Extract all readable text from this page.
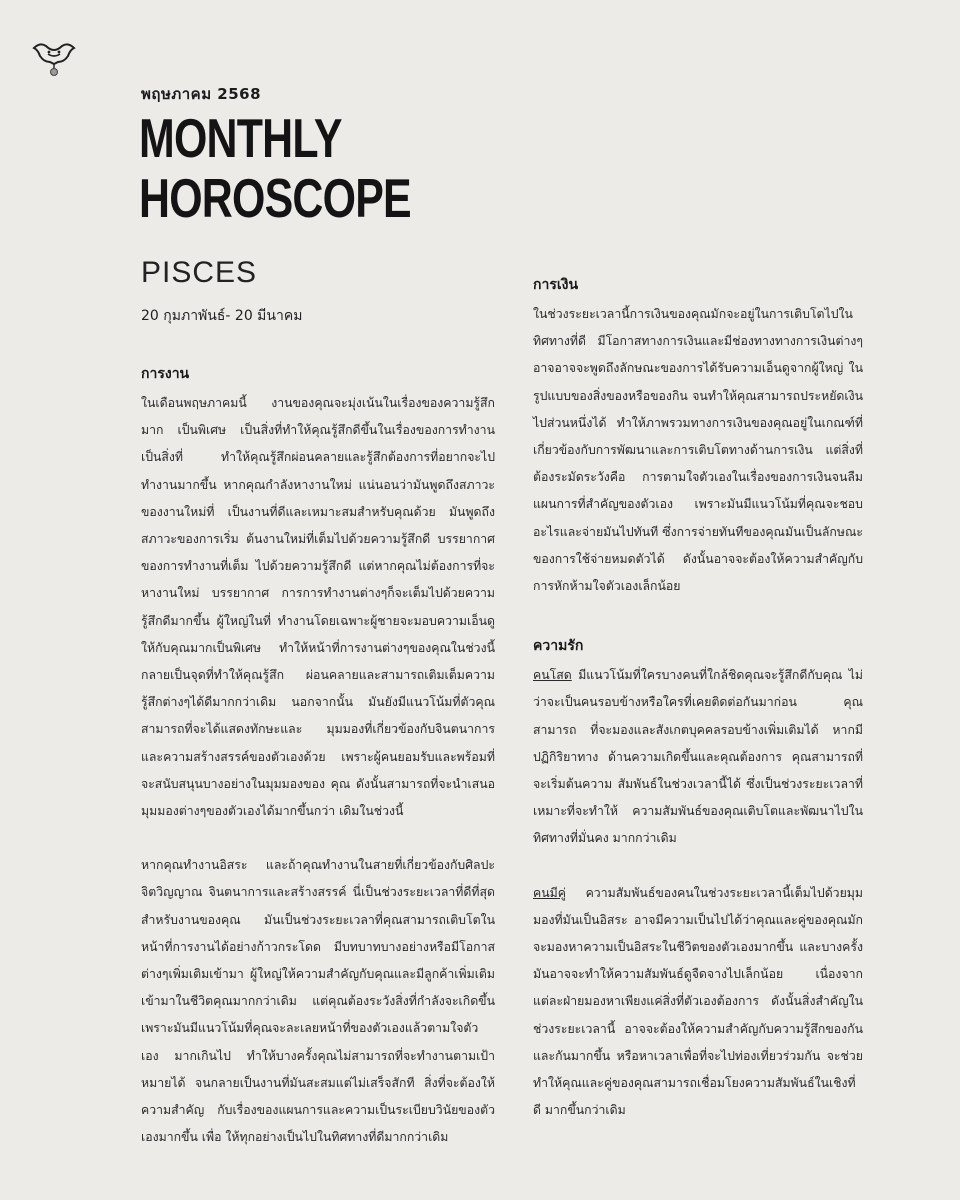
พฤษภาคม 2568

MONTHLY
HOROSCOPE

PISCES

20 กุมภาพันธ์- 20 มีนาคม

การงาน

ในเดือนพฤษภาคมนี้ งานของคุณจะมุ่งเน้นในเรื่องของความรู้สึกมาก เป็นพิเศษ เป็นสิ่งที่ทำให้คุณรู้สึกดีขึ้นในเรื่องของการทำงาน เป็นสิ่งที่ ทำให้คุณรู้สึกผ่อนคลายและรู้สึกต้องการที่อยากจะไปทำงานมากขึ้น หากคุณกำลังหางานใหม่ แน่นอนว่ามันพูดถึงสภาวะของงานใหม่ที่ เป็นงานที่ดีและเหมาะสมสำหรับคุณด้วย มันพูดถึงสภาวะของการเริ่ม ต้นงานใหม่ที่เต็มไปด้วยความรู้สึกดี บรรยากาศของการทำงานที่เต็ม ไปด้วยความรู้สึกดี แต่หากคุณไม่ต้องการที่จะหางานใหม่ บรรยากาศ การการทำงานต่างๆก็จะเต็มไปด้วยความรู้สึกดีมากขึ้น ผู้ใหญ่ในที่ ทำงานโดยเฉพาะผู้ชายจะมอบความเอ็นดูให้กับคุณมากเป็นพิเศษ ทำให้หน้าที่การงานต่างๆของคุณในช่วงนี้กลายเป็นจุดที่ทำให้คุณรู้สึก ผ่อนคลายและสามารถเติมเต็มความรู้สึกต่างๆได้ดีมากกว่าเดิม นอกจากนั้น มันยังมีแนวโน้มที่ตัวคุณสามารถที่จะได้แสดงทักษะและ มุมมองที่เกี่ยวข้องกับจินตนาการและความสร้างสรรค์ของตัวเองด้วย เพราะผู้คนยอมรับและพร้อมที่จะสนับสนุนบางอย่างในมุมมองของ คุณ ดังนั้นสามารถที่จะนำเสนอมุมมองต่างๆของตัวเองได้มากขึ้นกว่า เดิมในช่วงนี้

หากคุณทำงานอิสระ และถ้าคุณทำงานในสายที่เกี่ยวข้องกับศิลปะ จิตวิญญาณ จินตนาการและสร้างสรรค์ นี่เป็นช่วงระยะเวลาที่ดีที่สุด สำหรับงานของคุณ มันเป็นช่วงระยะเวลาที่คุณสามารถเติบโตใน หน้าที่การงานได้อย่างก้าวกระโดด มีบทบาทบางอย่างหรือมีโอกาส ต่างๆเพิ่มเติมเข้ามา ผู้ใหญ่ให้ความสำคัญกับคุณและมีลูกค้าเพิ่มเติม เข้ามาในชีวิตคุณมากกว่าเดิม แต่คุณต้องระวังสิ่งที่กำลังจะเกิดขึ้น เพราะมันมีแนวโน้มที่คุณจะละเลยหน้าที่ของตัวเองแล้วตามใจตัวเอง มากเกินไป ทำให้บางครั้งคุณไม่สามารถที่จะทำงานตามเป้าหมายได้ จนกลายเป็นงานที่มันสะสมแต่ไม่เสร็จสักที สิ่งที่จะต้องให้ความสำคัญ กับเรื่องของแผนการและความเป็นระเบียบวินัยของตัวเองมากขึ้น เพื่อ ให้ทุกอย่างเป็นไปในทิศทางที่ดีมากกว่าเดิม

การเงิน

ในช่วงระยะเวลานี้การเงินของคุณมักจะอยู่ในการเติบโตไปใน ทิศทางที่ดี มีโอกาสทางการเงินและมีช่องทางทางการเงินต่างๆ อาจอาจจะพูดถึงลักษณะของการได้รับความเอ็นดูจากผู้ใหญ่ ใน รูปแบบของสิ่งของหรือของกิน จนทำให้คุณสามารถประหยัดเงิน ไปส่วนหนึ่งได้ ทำให้ภาพรวมทางการเงินของคุณอยู่ในเกณฑ์ที่ เกี่ยวข้องกับการพัฒนาและการเติบโตทางด้านการเงิน แต่สิ่งที่ ต้องระมัดระวังคือ การตามใจตัวเองในเรื่องของการเงินจนลืม แผนการที่สำคัญของตัวเอง เพราะมันมีแนวโน้มที่คุณจะชอบ อะไรและจ่ายมันไปทันที ซึ่งการจ่ายทันทีของคุณมันเป็นลักษณะ ของการใช้จ่ายหมดตัวได้ ดังนั้นอาจจะต้องให้ความสำคัญกับ การหักห้ามใจตัวเองเล็กน้อย

ความรัก

คนโสด มีแนวโน้มที่ใครบางคนที่ใกล้ชิดคุณจะรู้สึกดีกับคุณ ไม่ ว่าจะเป็นคนรอบข้างหรือใครที่เคยติดต่อกันมาก่อน คุณสามารถ ที่จะมองและสังเกตบุคคลรอบข้างเพิ่มเติมได้ หากมีปฏิกิริยาทาง ด้านความเกิดขึ้นและคุณต้องการ คุณสามารถที่จะเริ่มต้นความ สัมพันธ์ในช่วงเวลานี้ได้ ซึ่งเป็นช่วงระยะเวลาที่เหมาะที่จะทำให้ ความสัมพันธ์ของคุณเติบโตและพัฒนาไปในทิศทางที่มั่นคง มากกว่าเดิม

คนมีคู่ ความสัมพันธ์ของคนในช่วงระยะเวลานี้เต็มไปด้วยมุม มองที่มันเป็นอิสระ อาจมีความเป็นไปได้ว่าคุณและคู่ของคุณมัก จะมองหาความเป็นอิสระในชีวิตของตัวเองมากขึ้น และบางครั้ง มันอาจจะทำให้ความสัมพันธ์ดูจืดจางไปเล็กน้อย เนื่องจาก แต่ละฝ่ายมองหาเพียงแค่สิ่งที่ตัวเองต้องการ ดังนั้นสิ่งสำคัญใน ช่วงระยะเวลานี้ อาจจะต้องให้ความสำคัญกับความรู้สึกของกัน และกันมากขึ้น หรือหาเวลาเพื่อที่จะไปท่องเที่ยวร่วมกัน จะช่วย ทำให้คุณและคู่ของคุณสามารถเชื่อมโยงความสัมพันธ์ในเชิงที่ดี มากขึ้นกว่าเดิม
